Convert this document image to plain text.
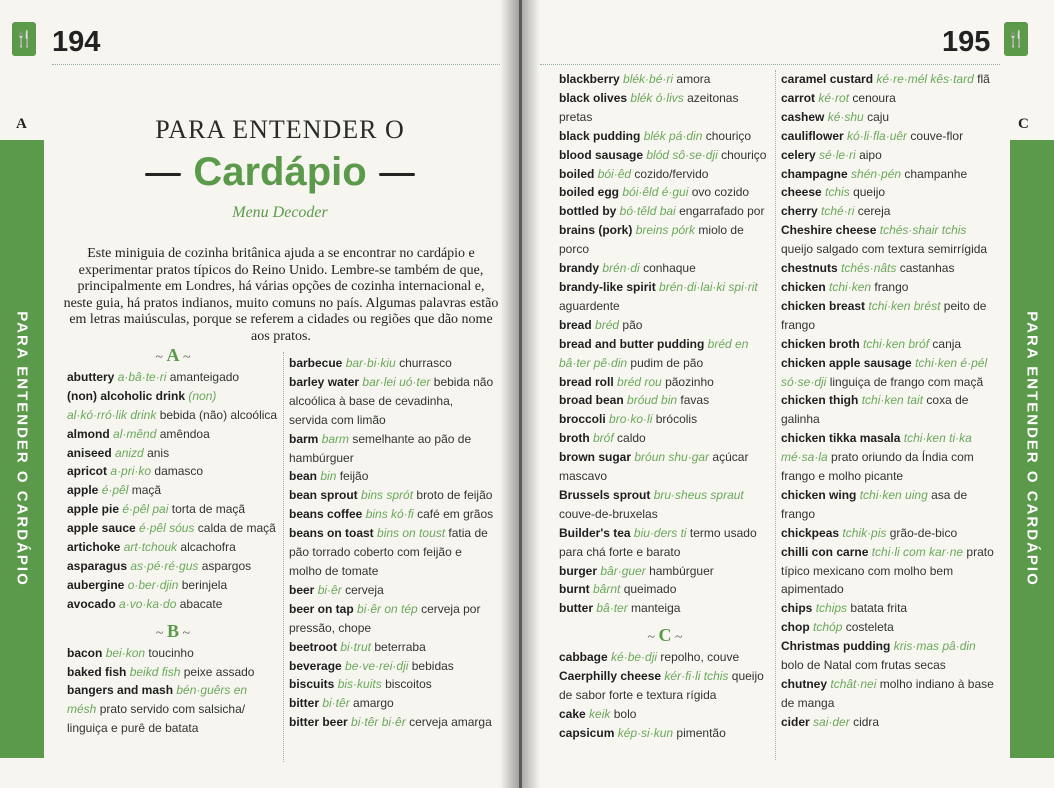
🍴 194
A
PARA ENTENDER O CARDÁPIO
PARA ENTENDER O
Cardápio
Menu Decoder
Este miniguia de cozinha britânica ajuda a se encontrar no cardápio e experimentar pratos típicos do Reino Unido. Lembre-se também de que, principalmente em Londres, há várias opções de cozinha internacional e, neste guia, há pratos indianos, muito comuns no país. Algumas palavras estão em letras maiúsculas, porque se referem a cidades ou regiões que dão nome aos pratos.

~ A ~

abuttery a·bâ·te·ri amanteigado

(non) alcoholic drink (non) al·kó·rró·lik drink bebida (não) alcoólica

almond al·mênd amêndoa

aniseed anizd anis

apricot a·pri·ko damasco

apple é·pêl maçã

apple pie é·pêl pai torta de maçã

apple sauce é·pêl sóus calda de maçã

artichoke art·tchouk alcachofra

asparagus as·pé·ré·gus aspargos

aubergine o·ber·djin berinjela

avocado a·vo·ka·do abacate

~ B ~

bacon bei·kon toucinho

baked fish beikd fish peixe assado

bangers and mash bén·guêrs en mésh prato servido com salsicha/ linguiça e purê de batata

barbecue bar·bi·kiu churrasco

barley water bar·lei uó·ter bebida não alcoólica à base de cevadinha, servida com limão

barm barm semelhante ao pão de hambúrguer

bean bin feijão

bean sprout bins sprót broto de feijão

beans coffee bins kó·fi café em grãos

beans on toast bins on toust fatia de pão torrado coberto com feijão e molho de tomate

beer bi·êr cerveja

beer on tap bi·êr on tép cerveja por pressão, chope

beetroot bi·trut beterraba

beverage be·ve·rei·dji bebidas

biscuits bis·kuits biscoitos

bitter bi·têr amargo

bitter beer bi·têr bi·êr cerveja amarga

195 🍴
C
PARA ENTENDER O CARDÁPIO

blackberry blék·bé·ri amora

black olives blék ó·livs azeitonas pretas

black pudding blék pá·din chouriço

blood sausage blód sô·se·dji chouriço

boiled bói·êd cozido/fervido

boiled egg bói·êld é·gui ovo cozido

bottled by bó·têld bai engarrafado por

brains (pork) breins pórk miolo de porco

brandy brén·di conhaque

brandy-like spirit brén·di·lai·ki spi·rit aguardente

bread bréd pão

bread and butter pudding bréd en bâ·ter pê·din pudim de pão

bread roll bréd rou pãozinho

broad bean bróud bin favas

broccoli bro·ko·li brócolis

broth bróf caldo

brown sugar bróun shu·gar açúcar mascavo

Brussels sprout bru·sheus spraut couve-de-bruxelas

Builder's tea biu·ders ti termo usado para chá forte e barato

burger bâr·guer hambúrguer

burnt bârnt queimado

butter bâ·ter manteiga

~ C ~

cabbage ké·be·dji repolho, couve

Caerphilly cheese kér·fi·li tchis queijo de sabor forte e textura rígida

cake keik bolo

capsicum kép·si·kun pimentão

caramel custard ké·re·mél kês·tard flã

carrot ké·rot cenoura

cashew ké·shu caju

cauliflower kó·li·fla·uêr couve-flor

celery sé·le·ri aipo

champagne shén·pén champanhe

cheese tchis queijo

cherry tché·ri cereja

Cheshire cheese tchés·shair tchis queijo salgado com textura semirrígida

chestnuts tchés·nâts castanhas

chicken tchi·ken frango

chicken breast tchi·ken brést peito de frango

chicken broth tchi·ken bróf canja

chicken apple sausage tchi·ken é·pél só·se·dji linguiça de frango com maçã

chicken thigh tchi·ken tait coxa de galinha

chicken tikka masala tchi·ken ti·ka mé·sa·la prato oriundo da Índia com frango e molho picante

chicken wing tchi·ken uing asa de frango

chickpeas tchik·pis grão-de-bico

chilli con carne tchi·li com kar·ne prato típico mexicano com molho bem apimentado

chips tchips batata frita

chop tchóp costeleta

Christmas pudding kris·mas pâ·din bolo de Natal com frutas secas

chutney tchât·nei molho indiano à base de manga

cider sai·der cidra
